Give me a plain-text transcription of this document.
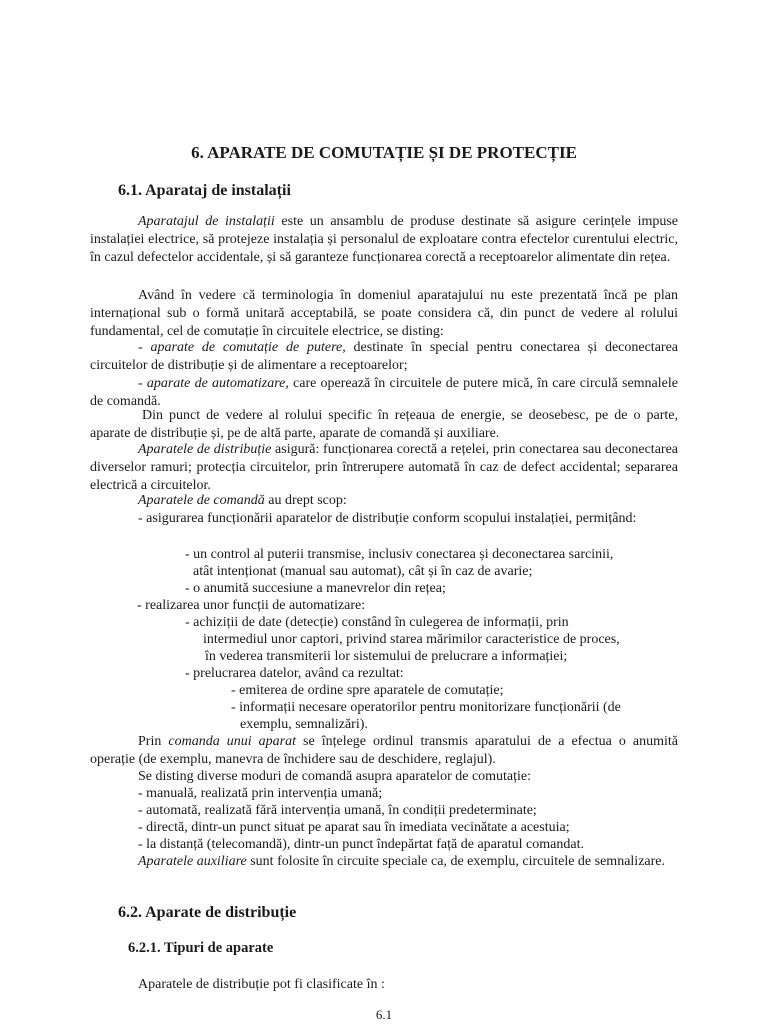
6. APARATE DE COMUTAȚIE ȘI DE PROTECȚIE
6.1. Aparataj de instalații
Aparatajul de instalații este un ansamblu de produse destinate să asigure cerințele impuse instalației electrice, să protejeze instalația și personalul de exploatare contra efectelor curentului electric, în cazul defectelor accidentale, și să garanteze funcționarea corectă a receptoarelor alimentate din rețea.
Având în vedere că terminologia în domeniul aparatajului nu este prezentată încă pe plan internațional sub o formă unitară acceptabilă, se poate considera că, din punct de vedere al rolului fundamental, cel de comutație în circuitele electrice, se disting:
- aparate de comutație de putere, destinate în special pentru conectarea și deconectarea circuitelor de distribuție și de alimentare a receptoarelor;
- aparate de automatizare, care operează în circuitele de putere mică, în care circulă semnalele de comandă.
Din punct de vedere al rolului specific în rețeaua de energie, se deosebesc, pe de o parte, aparate de distribuție și, pe de altă parte, aparate de comandă și auxiliare.
Aparatele de distribuție asigură: funcționarea corectă a rețelei, prin conectarea sau deconectarea diverselor ramuri; protecția circuitelor, prin întrerupere automată în caz de defect accidental; separarea electrică a circuitelor.
Aparatele de comandă au drept scop:
- asigurarea funcționării aparatelor de distribuție conform scopului instalației, permițând:
- un control al puterii transmise, inclusiv conectarea și deconectarea sarcinii,
atât intenționat (manual sau automat), cât și în caz de avarie;
- o anumită succesiune a manevrelor din rețea;
- realizarea unor funcții de automatizare:
- achiziții de date (detecție) constând în culegerea de informații, prin
intermediul unor captori, privind starea mărimilor caracteristice de proces,
în vederea transmiterii lor sistemului de prelucrare a informației;
- prelucrarea datelor, având ca rezultat:
- emiterea de ordine spre aparatele de comutație;
- informații necesare operatorilor pentru monitorizare funcționării (de
exemplu, semnalizări).
Prin comanda unui aparat se înțelege ordinul transmis aparatului de a efectua o anumită operație (de exemplu, manevra de închidere sau de deschidere, reglajul).
Se disting diverse moduri de comandă asupra aparatelor de comutație:
- manuală, realizată prin intervenția umană;
- automată, realizată fără intervenția umană, în condiții predeterminate;
- directă, dintr-un punct situat pe aparat sau în imediata vecinătate a acestuia;
- la distanță (telecomandă), dintr-un punct îndepărtat față de aparatul comandat.
Aparatele auxiliare sunt folosite în circuite speciale ca, de exemplu, circuitele de semnalizare.
6.2. Aparate de distribuție
6.2.1. Tipuri de aparate
Aparatele de distribuție pot fi clasificate în :
6.1
